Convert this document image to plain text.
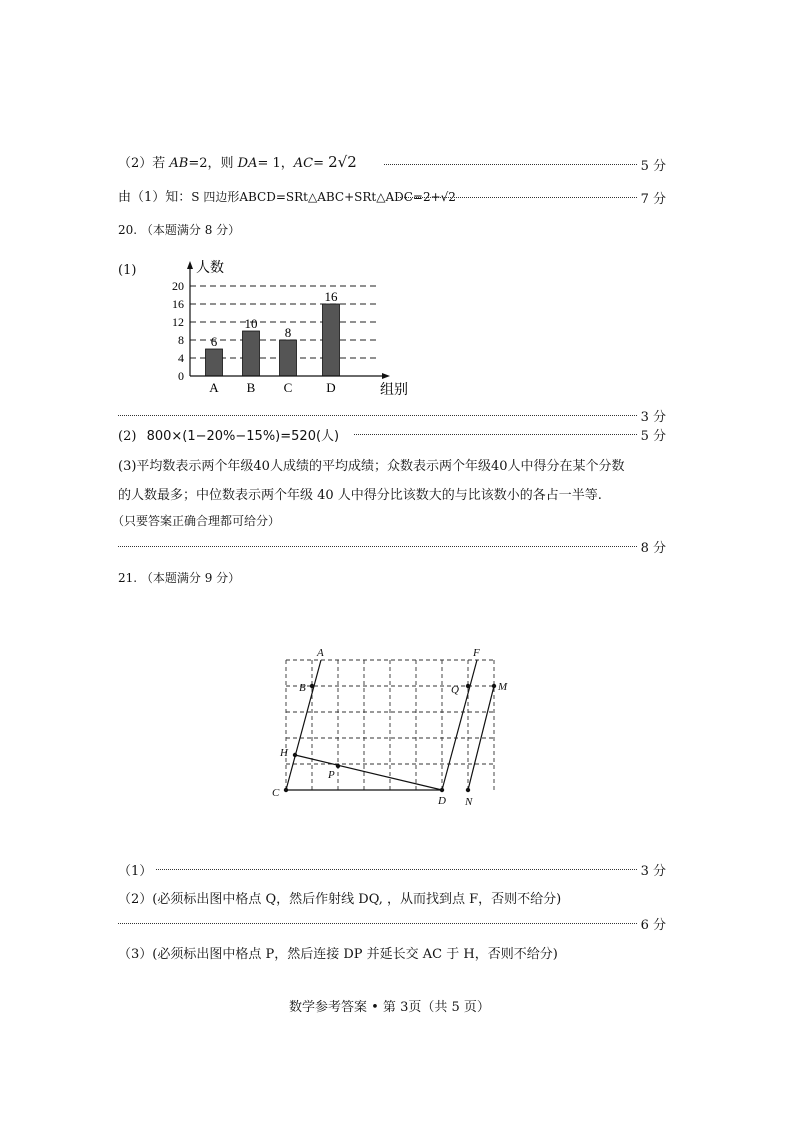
（2）若 AB=2，则 DA= 1，AC= 2√2	5 分
由（1）知：S 四边形ABCD=SRt△ABC+SRt△ADC=2+√2	7 分
20. （本题满分 8 分）
(1)
0
4
8
12
16
20
A B C	D
6
10
8
16
人数
组别
3 分
(2) 800×(1−20%−15%)=520(人)	5 分
(3)平均数表示两个年级40人成绩的平均成绩；众数表示两个年级40人中得分在某个分数
的人数最多；中位数表示两个年级 40 人中得分比该数大的与比该数小的各占一半等.
（只要答案正确合理都可给分）
8 分
21. （本题满分 9 分）
A	F
B	Q	M
H
P
C
D N
（1）	3 分
（2）(必须标出图中格点 Q，然后作射线 DQ, ，从而找到点 F，否则不给分)
6 分
（3）(必须标出图中格点 P，然后连接 DP 并延长交 AC 于 H，否则不给分)
数学参考答案 • 第 3页（共 5 页）
